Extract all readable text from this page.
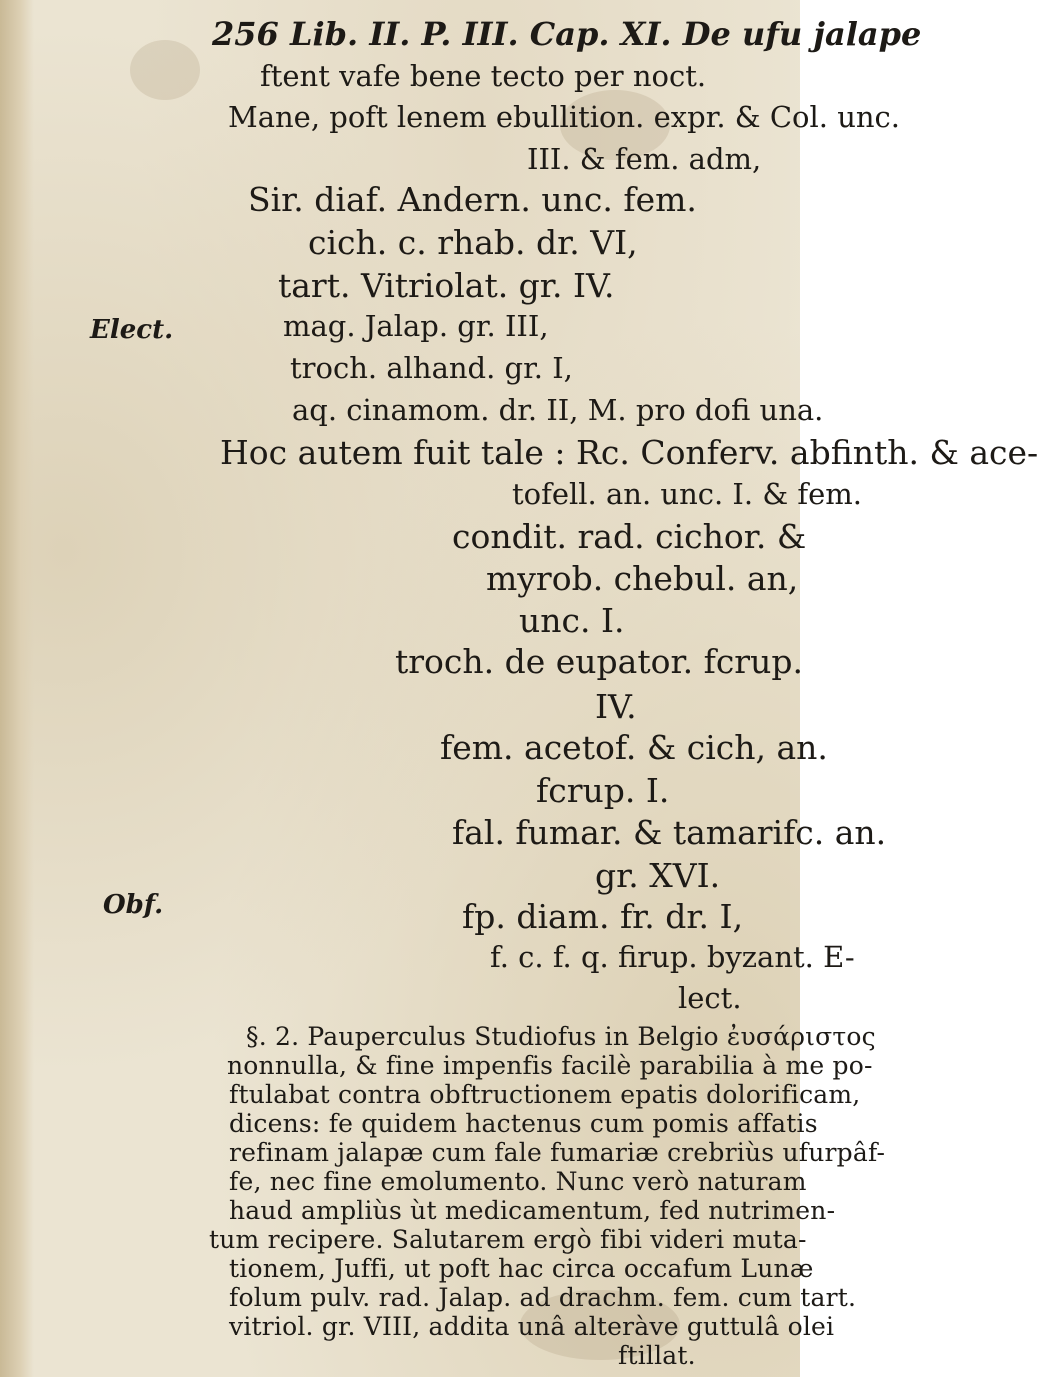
256 Lib. II. P. III. Cap. XI. De ufu jalape
Elect.
Obf.
ftent vafe bene tecto per noct.
Mane, poft lenem ebullition. expr. & Col. unc.
III. & fem. adm,
Sir. diaf. Andern. unc. fem.
cich. c. rhab. dr. VI,
tart. Vitriolat. gr. IV.
mag. Jalap. gr. III,
troch. alhand. gr. I,
aq. cinamom. dr. II, M. pro dofi una.
Hoc autem fuit tale : Rc. Conferv. abfinth. & ace-
tofell. an. unc. I. & fem.
condit. rad. cichor. &
myrob. chebul. an,
unc. I.
troch. de eupator. fcrup.
IV.
fem. acetof. & cich, an.
fcrup. I.
fal. fumar. & tamarifc. an.
gr. XVI.
fp. diam. fr. dr. I,
f. c. f. q. firup. byzant. E-
lect.
§. 2. Pauperculus Studiofus in Belgio ἐυσάριστος
nonnulla, & fine impenfis facilè parabilia à me po-
ftulabat contra obftructionem epatis dolorificam,
dicens: fe quidem hactenus cum pomis affatis
refinam jalapæ cum fale fumariæ crebriùs ufurpâf-
fe, nec fine emolumento. Nunc verò naturam
haud ampliùs ùt medicamentum, fed nutrimen-
tum recipere. Salutarem ergò fibi videri muta-
tionem, Juffi, ut poft hac circa occafum Lunæ
folum pulv. rad. Jalap. ad drachm. fem. cum tart.
vitriol. gr. VIII, addita unâ alteràve guttulâ olei
ftillat.
